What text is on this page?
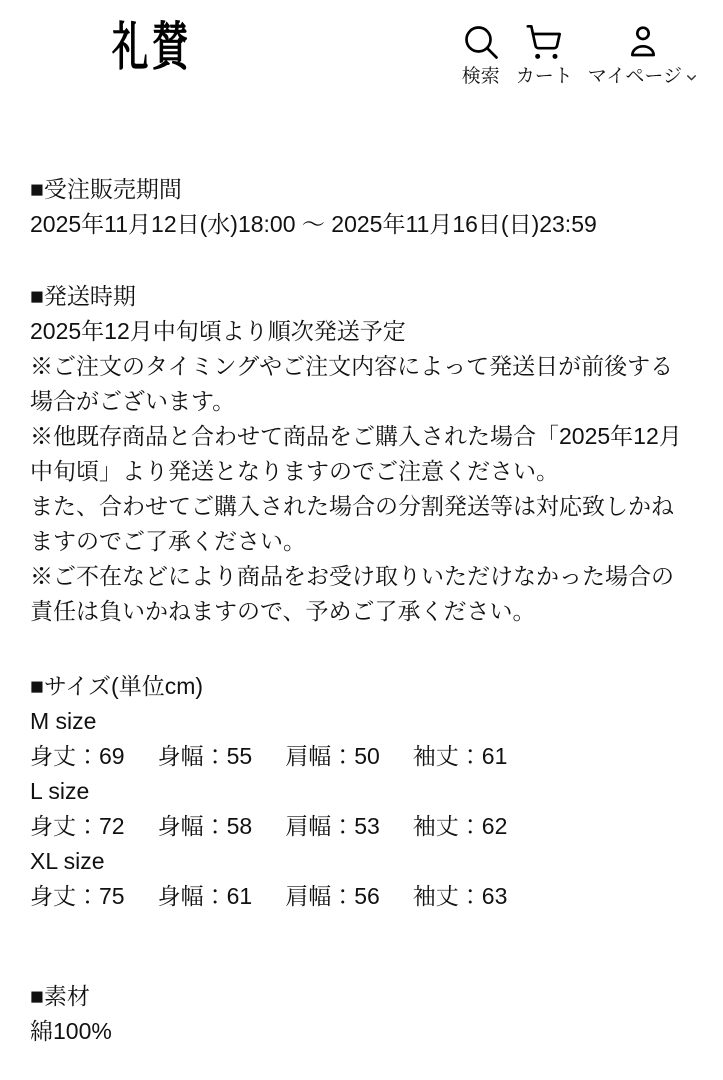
礼賛	検索 カート マイページ
■受注販売期間
2025年11月12日(水)18:00 ～ 2025年11月16日(日)23:59
■発送時期
2025年12月中旬頃より順次発送予定
※ご注文のタイミングやご注文内容によって発送日が前後する場合がございます。
※他既存商品と合わせて商品をご購入された場合「2025年12月中旬頃」より発送となりますのでご注意ください。
また、合わせてご購入された場合の分割発送等は対応致しかねますのでご了承ください。
※ご不在などにより商品をお受け取りいただけなかった場合の責任は負いかねますので、予めご了承ください。
■サイズ(単位cm)
M size
身丈：69 身幅：55 肩幅：50 袖丈：61
L size
身丈：72 身幅：58 肩幅：53 袖丈：62
XL size
身丈：75 身幅：61 肩幅：56 袖丈：63
■素材
綿100%
